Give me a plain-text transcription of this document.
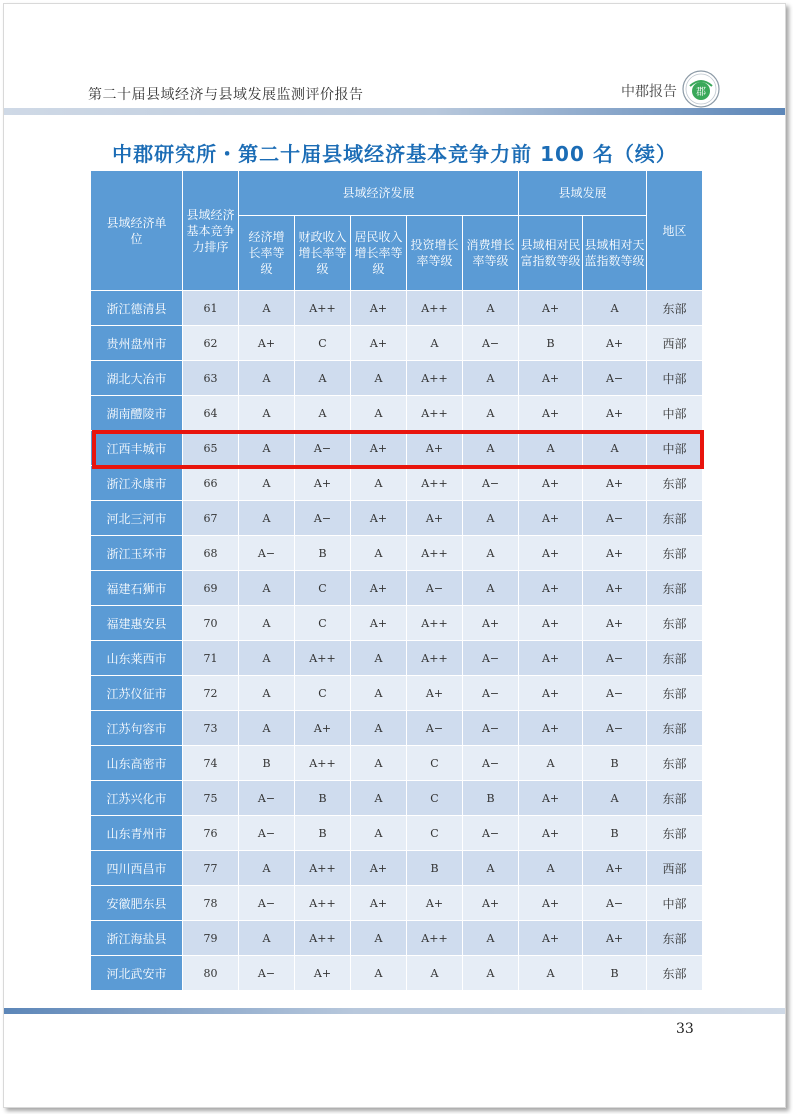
第二十届县域经济与县域发展监测评价报告	中郡报告 郡
中郡研究所・第二十届县域经济基本竞争力前 100 名（续）
县域经济单位	县域经济基本竞争力排序	县域经济发展					县域发展		地区
		经济增长率等级	财政收入增长率等级	居民收入增长率等级	投资增长率等级	消费增长率等级	县域相对民富指数等级	县域相对天蓝指数等级	
浙江德清县	61	A	A++	A+	A++	A	A+	A	东部
贵州盘州市	62	A+	C	A+	A	A−	B	A+	西部
湖北大冶市	63	A	A	A	A++	A	A+	A−	中部
湖南醴陵市	64	A	A	A	A++	A	A+	A+	中部
江西丰城市	65	A	A−	A+	A+	A	A	A	中部
浙江永康市	66	A	A+	A	A++	A−	A+	A+	东部
河北三河市	67	A	A−	A+	A+	A	A+	A−	东部
浙江玉环市	68	A−	B	A	A++	A	A+	A+	东部
福建石狮市	69	A	C	A+	A−	A	A+	A+	东部
福建惠安县	70	A	C	A+	A++	A+	A+	A+	东部
山东莱西市	71	A	A++	A	A++	A−	A+	A−	东部
江苏仪征市	72	A	C	A	A+	A−	A+	A−	东部
江苏句容市	73	A	A+	A	A−	A−	A+	A−	东部
山东高密市	74	B	A++	A	C	A−	A	B	东部
江苏兴化市	75	A−	B	A	C	B	A+	A	东部
山东青州市	76	A−	B	A	C	A−	A+	B	东部
四川西昌市	77	A	A++	A+	B	A	A	A+	西部
安徽肥东县	78	A−	A++	A+	A+	A+	A+	A−	中部
浙江海盐县	79	A	A++	A	A++	A	A+	A+	东部
河北武安市	80	A−	A+	A	A	A	A	B	东部
33
